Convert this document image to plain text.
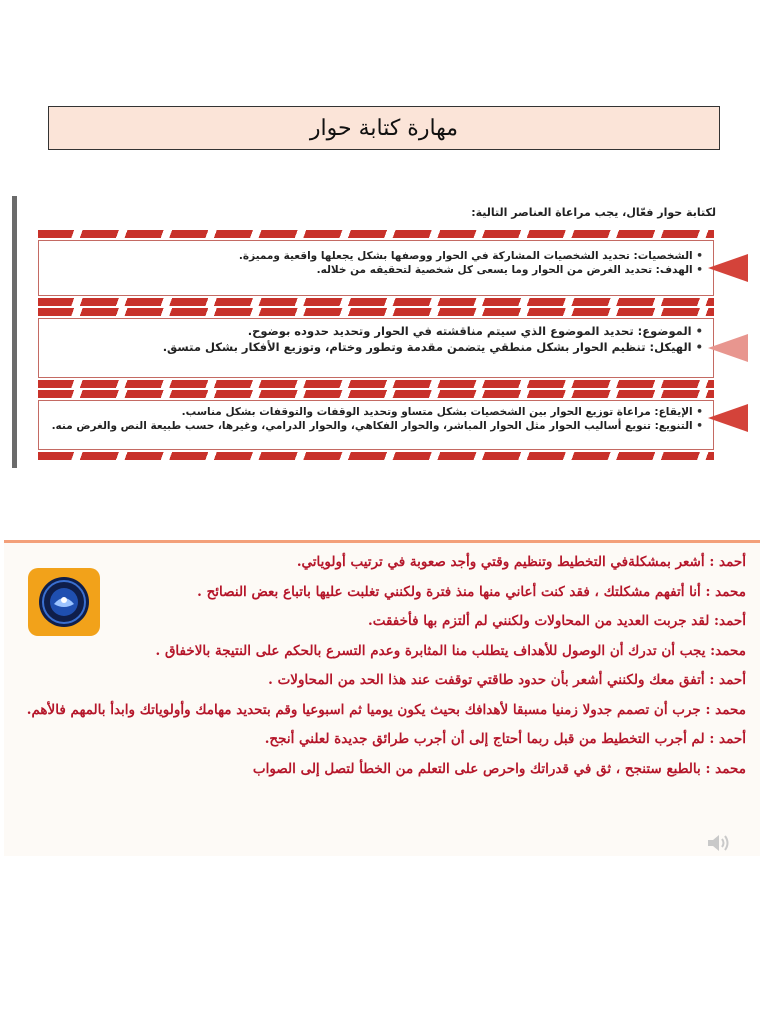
مهارة كتابة حوار
لكتابة حوار فعّال، يجب مراعاة العناصر التالية:
• الشخصيات: تحديد الشخصيات المشاركة في الحوار ووصفها بشكل يجعلها واقعية ومميزة.
• الهدف: تحديد الغرض من الحوار وما يسعى كل شخصية لتحقيقه من خلاله.
• الموضوع: تحديد الموضوع الذي سيتم مناقشته في الحوار وتحديد حدوده بوضوح.
• الهيكل: تنظيم الحوار بشكل منطقي يتضمن مقدمة وتطور وختام، وتوزيع الأفكار بشكل متسق.
• الإيقاع: مراعاة توزيع الحوار بين الشخصيات بشكل متساو وتحديد الوقفات والتوقفات بشكل مناسب.
• التنويع: تنويع أساليب الحوار مثل الحوار المباشر، والحوار الفكاهي، والحوار الدرامي، وغيرها، حسب طبيعة النص والغرض منه.

أحمد : أشعر بمشكلةفي التخطيط وتنظيم وقتي وأجد صعوبة في ترتيب أولوياتي.

محمد : أنا أتفهم مشكلتك ، فقد كنت أعاني منها منذ فترة ولكنني تغلبت عليها باتباع بعض النصائح .

أحمد: لقد جربت العديد من المحاولات ولكنني لم ألتزم بها فأخفقت.

محمد: يجب أن تدرك أن الوصول للأهداف يتطلب منا المثابرة وعدم التسرع بالحكم على النتيجة بالاخفاق .

أحمد : أتفق معك ولكنني أشعر بأن حدود طاقتي توقفت عند هذا الحد من المحاولات .

محمد : جرب أن تصمم جدولا زمنيا مسبقا لأهدافك بحيث يكون يوميا ثم اسبوعيا وقم بتحديد مهامك وأولوياتك وابدأ بالمهم فالأهم.

أحمد : لم أجرب التخطيط من قبل ربما أحتاج إلى أن أجرب طرائق جديدة لعلني أنجح.

محمد : بالطبع ستنجح ، ثق في قدراتك واحرص على التعلم من الخطأ لتصل إلى الصواب
